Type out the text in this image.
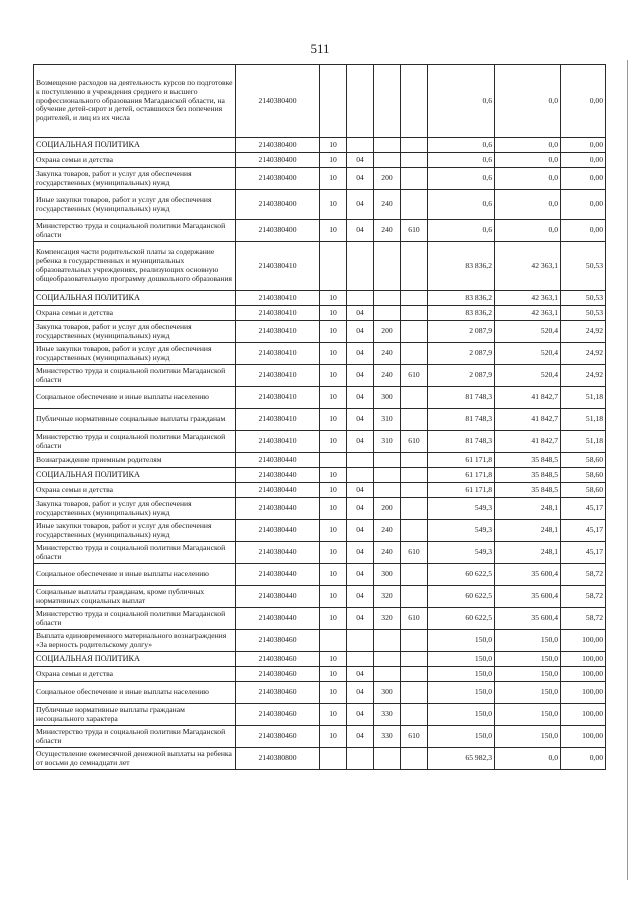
511
Возмещение расходов на деятельность курсов по подготовке к поступлению в учреждения среднего и высшего профессионального образования Магаданской области, на обучение детей-сирот и детей, оставшихся без попечения родителей, и лиц из их числа	2140380400					0,6	0,0	0,00
СОЦИАЛЬНАЯ ПОЛИТИКА	2140380400	10				0,6	0,0	0,00
Охрана семьи и детства	2140380400	10	04			0,6	0,0	0,00
Закупка товаров, работ и услуг для обеспечения государственных (муниципальных) нужд	2140380400	10	04	200		0,6	0,0	0,00
Иные закупки товаров, работ и услуг для обеспечения государственных (муниципальных) нужд	2140380400	10	04	240		0,6	0,0	0,00
Министерство труда и социальной политики Магаданской области	2140380400	10	04	240	610	0,6	0,0	0,00
Компенсация части родительской платы за содержание ребенка в государственных и муниципальных образовательных учреждениях, реализующих основную общеобразовательную программу дошкольного образования	2140380410					83 836,2	42 363,1	50,53
СОЦИАЛЬНАЯ ПОЛИТИКА	2140380410	10				83 836,2	42 363,1	50,53
Охрана семьи и детства	2140380410	10	04			83 836,2	42 363,1	50,53
Закупка товаров, работ и услуг для обеспечения государственных (муниципальных) нужд	2140380410	10	04	200		2 087,9	520,4	24,92
Иные закупки товаров, работ и услуг для обеспечения государственных (муниципальных) нужд	2140380410	10	04	240		2 087,9	520,4	24,92
Министерство труда и социальной политики Магаданской области	2140380410	10	04	240	610	2 087,9	520,4	24,92
Социальное обеспечение и иные выплаты населению	2140380410	10	04	300		81 748,3	41 842,7	51,18
Публичные нормативные социальные выплаты гражданам	2140380410	10	04	310		81 748,3	41 842,7	51,18
Министерство труда и социальной политики Магаданской области	2140380410	10	04	310	610	81 748,3	41 842,7	51,18
Вознаграждение приемным родителям	2140380440					61 171,8	35 848,5	58,60
СОЦИАЛЬНАЯ ПОЛИТИКА	2140380440	10				61 171,8	35 848,5	58,60
Охрана семьи и детства	2140380440	10	04			61 171,8	35 848,5	58,60
Закупка товаров, работ и услуг для обеспечения государственных (муниципальных) нужд	2140380440	10	04	200		549,3	248,1	45,17
Иные закупки товаров, работ и услуг для обеспечения государственных (муниципальных) нужд	2140380440	10	04	240		549,3	248,1	45,17
Министерство труда и социальной политики Магаданской области	2140380440	10	04	240	610	549,3	248,1	45,17
Социальное обеспечение и иные выплаты населению	2140380440	10	04	300		60 622,5	35 600,4	58,72
Социальные выплаты гражданам, кроме публичных нормативных социальных выплат	2140380440	10	04	320		60 622,5	35 600,4	58,72
Министерство труда и социальной политики Магаданской области	2140380440	10	04	320	610	60 622,5	35 600,4	58,72
Выплата единовременного материального вознаграждения «За верность родительскому долгу»	2140380460					150,0	150,0	100,00
СОЦИАЛЬНАЯ ПОЛИТИКА	2140380460	10				150,0	150,0	100,00
Охрана семьи и детства	2140380460	10	04			150,0	150,0	100,00
Социальное обеспечение и иные выплаты населению	2140380460	10	04	300		150,0	150,0	100,00
Публичные нормативные выплаты гражданам несоциального характера	2140380460	10	04	330		150,0	150,0	100,00
Министерство труда и социальной политики Магаданской области	2140380460	10	04	330	610	150,0	150,0	100,00
Осуществление ежемесячной денежной выплаты на ребенка от восьми до семнадцати лет	2140380800					65 982,3	0,0	0,00
